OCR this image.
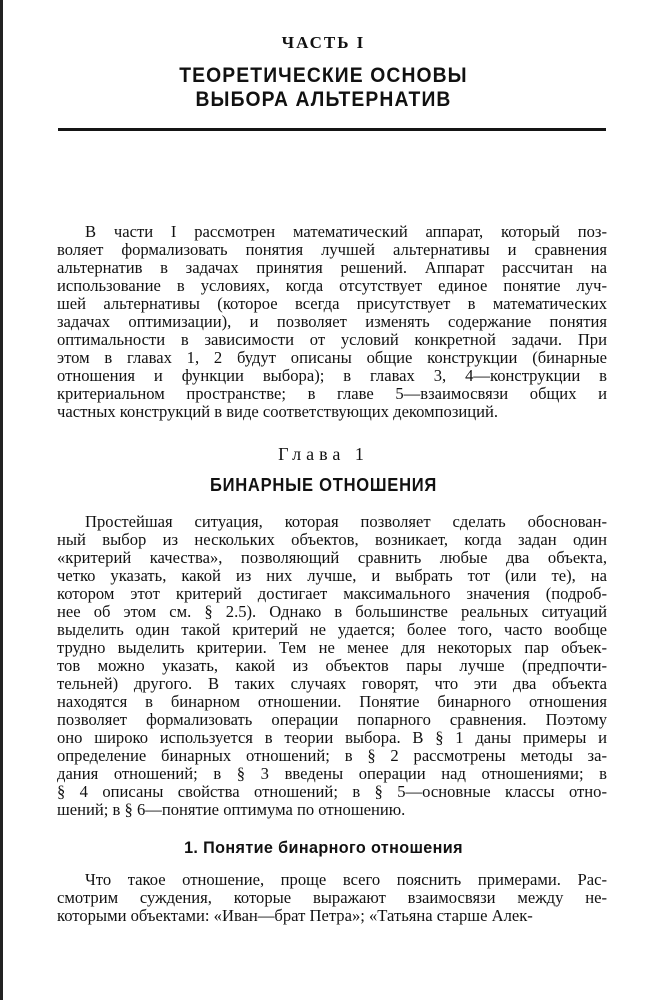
ЧАСТЬ I
ТЕОРЕТИЧЕСКИЕ ОСНОВЫ
ВЫБОРА АЛЬТЕРНАТИВ
В части I рассмотрен математический аппарат, который поз-
воляет формализовать понятия лучшей альтернативы и сравнения
альтернатив в задачах принятия решений. Аппарат рассчитан на
использование в условиях, когда отсутствует единое понятие луч-
шей альтернативы (которое всегда присутствует в математических
задачах оптимизации), и позволяет изменять содержание понятия
оптимальности в зависимости от условий конкретной задачи. При
этом в главах 1, 2 будут описаны общие конструкции (бинарные
отношения и функции выбора); в главах 3, 4—конструкции в
критериальном пространстве; в главе 5—взаимосвязи общих и
частных конструкций в виде соответствующих декомпозиций.
Глава 1
БИНАРНЫЕ ОТНОШЕНИЯ
Простейшая ситуация, которая позволяет сделать обоснован-
ный выбор из нескольких объектов, возникает, когда задан один
«критерий качества», позволяющий сравнить любые два объекта,
четко указать, какой из них лучше, и выбрать тот (или те), на
котором этот критерий достигает максимального значения (подроб-
нее об этом см. § 2.5). Однако в большинстве реальных ситуаций
выделить один такой критерий не удается; более того, часто вообще
трудно выделить критерии. Тем не менее для некоторых пар объек-
тов можно указать, какой из объектов пары лучше (предпочти-
тельней) другого. В таких случаях говорят, что эти два объекта
находятся в бинарном отношении. Понятие бинарного отношения
позволяет формализовать операции попарного сравнения. Поэтому
оно широко используется в теории выбора. В § 1 даны примеры и
определение бинарных отношений; в § 2 рассмотрены методы за-
дания отношений; в § 3 введены операции над отношениями; в
§ 4 описаны свойства отношений; в § 5—основные классы отно-
шений; в § 6—понятие оптимума по отношению.
1. Понятие бинарного отношения
Что такое отношение, проще всего пояснить примерами. Рас-
смотрим суждения, которые выражают взаимосвязи между не-
которыми объектами: «Иван—брат Петра»; «Татьяна старше Алек-
